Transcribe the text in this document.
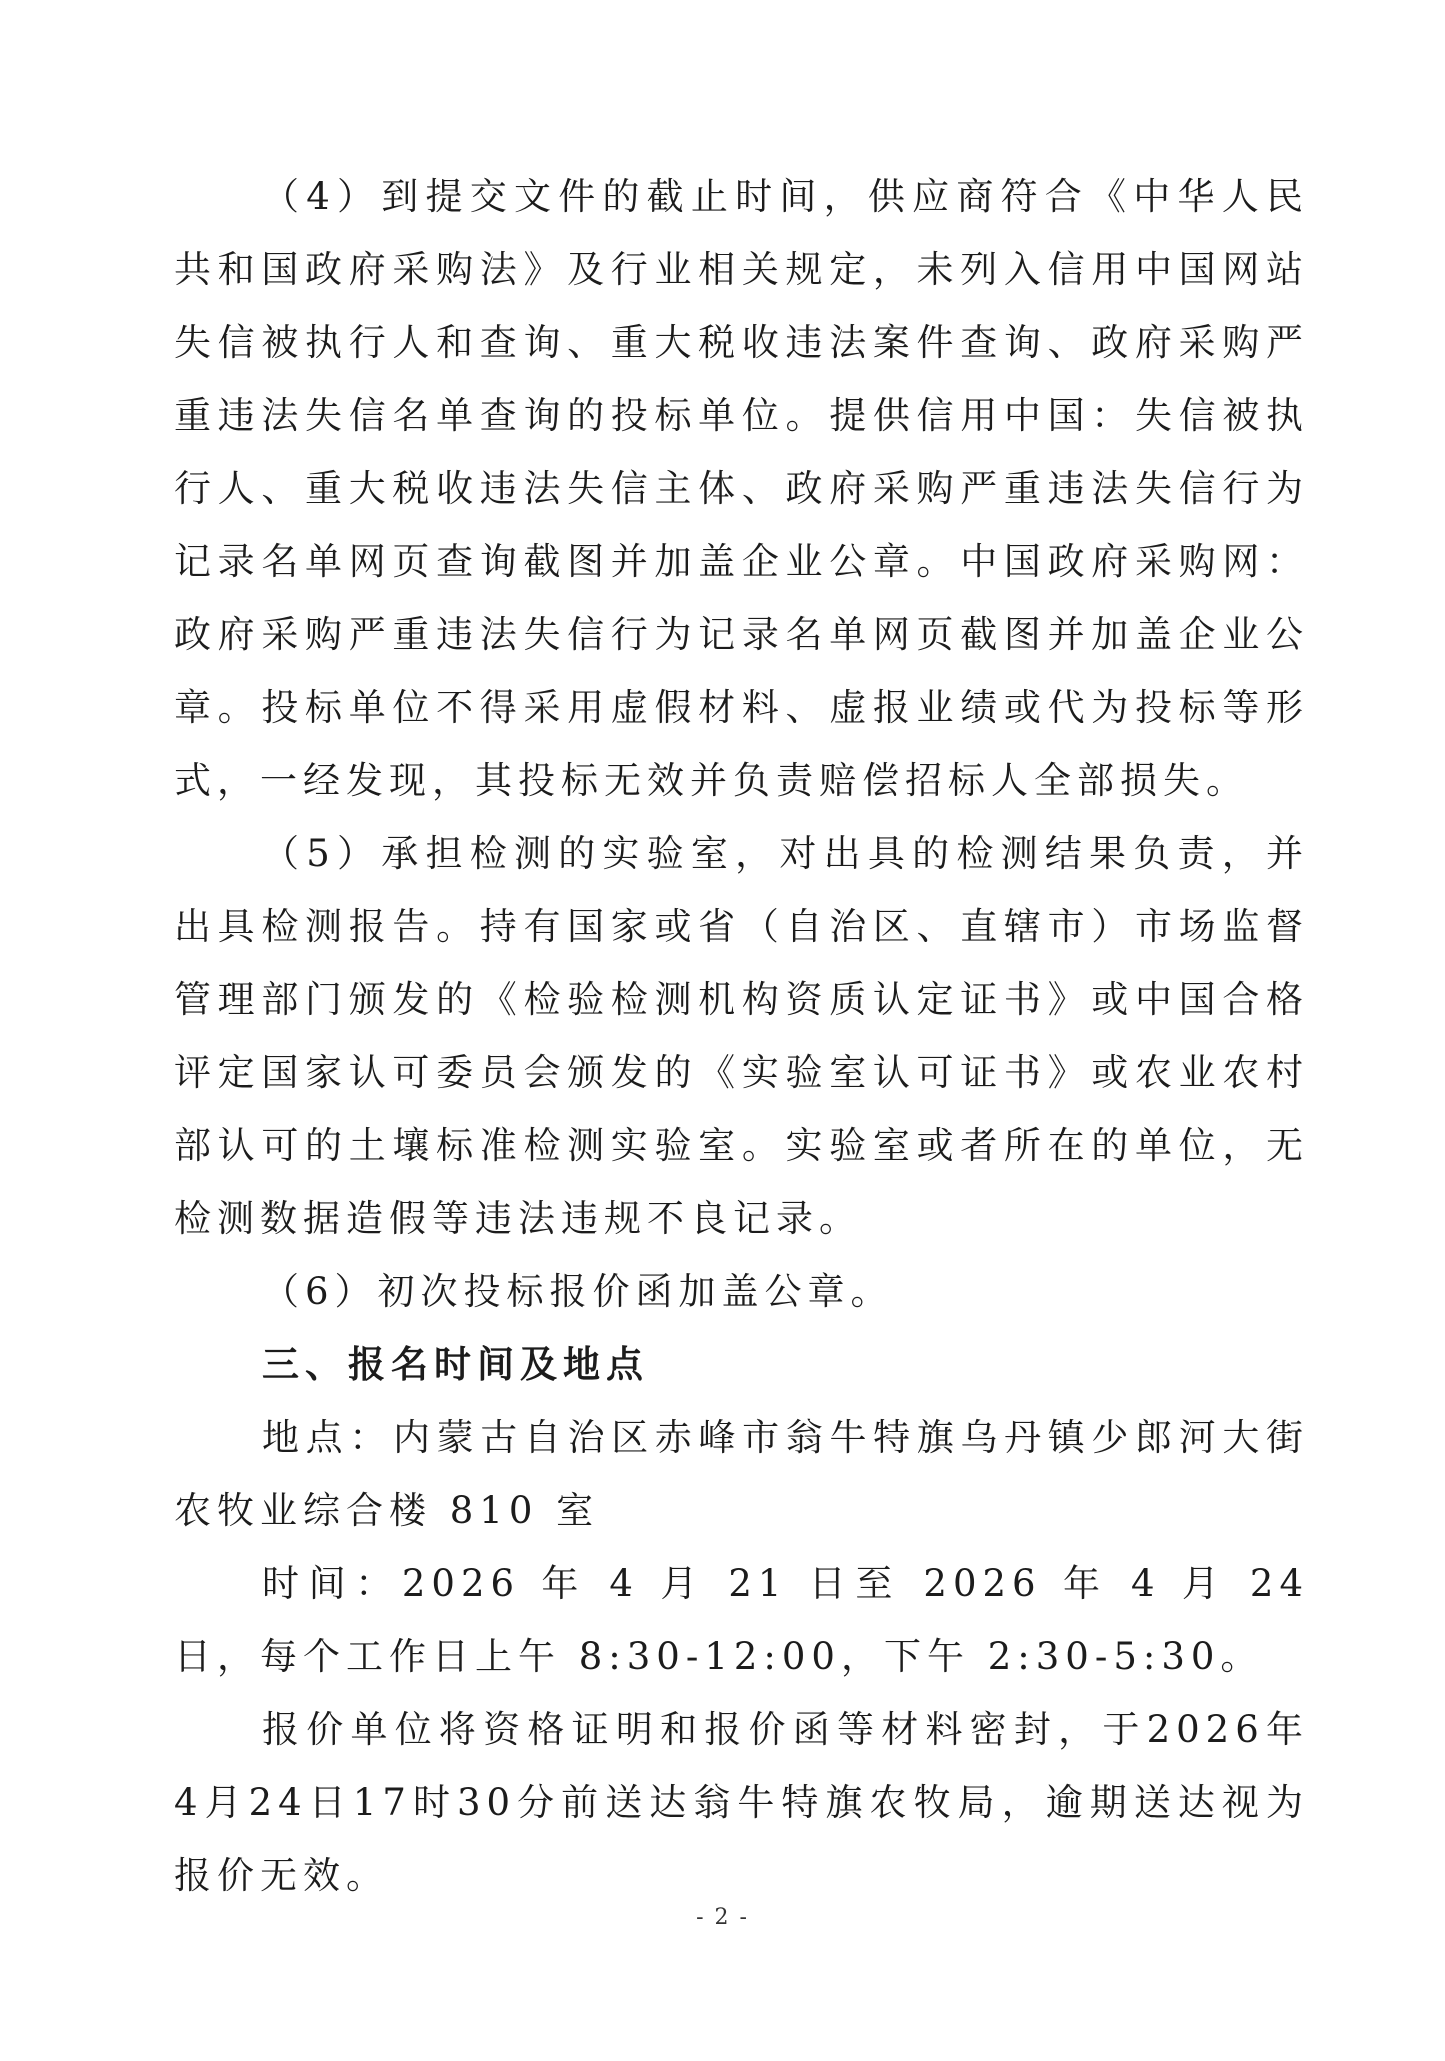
（4）到提交文件的截止时间，供应商符合《中华人民共和国政府采购法》及行业相关规定，未列入信用中国网站失信被执行人和查询、重大税收违法案件查询、政府采购严重违法失信名单查询的投标单位。提供信用中国：失信被执行人、重大税收违法失信主体、政府采购严重违法失信行为记录名单网页查询截图并加盖企业公章。中国政府采购网：政府采购严重违法失信行为记录名单网页截图并加盖企业公章。投标单位不得采用虚假材料、虚报业绩或代为投标等形式，一经发现，其投标无效并负责赔偿招标人全部损失。

（5）承担检测的实验室，对出具的检测结果负责，并出具检测报告。持有国家或省（自治区、直辖市）市场监督管理部门颁发的《检验检测机构资质认定证书》或中国合格评定国家认可委员会颁发的《实验室认可证书》或农业农村部认可的土壤标准检测实验室。实验室或者所在的单位，无检测数据造假等违法违规不良记录。

（6）初次投标报价函加盖公章。

三、报名时间及地点

地点：内蒙古自治区赤峰市翁牛特旗乌丹镇少郎河大街农牧业综合楼 810 室

时间：2026 年 4 月 21 日至 2026 年 4 月 24 日，每个工作日上午 8:30-12:00，下午 2:30-5:30。

报价单位将资格证明和报价函等材料密封，于2026年4月24日17时30分前送达翁牛特旗农牧局，逾期送达视为报价无效。

- 2 -
